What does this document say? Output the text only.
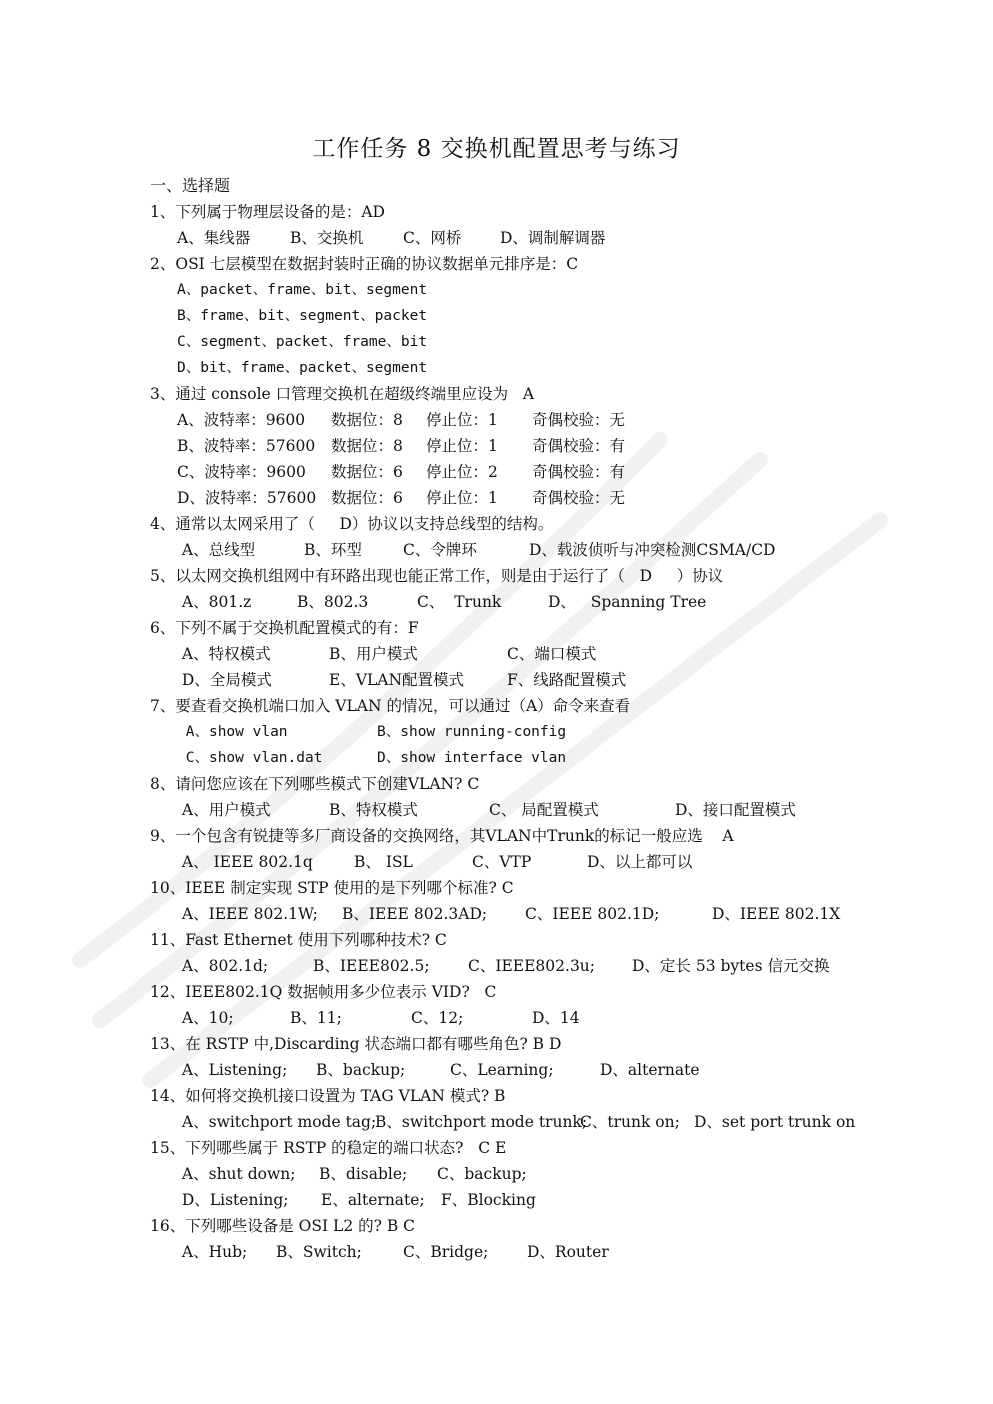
工作任务 8 交换机配置思考与练习
一、选择题
1、下列属于物理层设备的是：AD
A、集线器	B、交换机	C、网桥	D、调制解调器
2、OSI 七层模型在数据封装时正确的协议数据单元排序是：C
A、packet、frame、bit、segment
B、frame、bit、segment、packet
C、segment、packet、frame、bit
D、bit、frame、packet、segment
3、通过 console 口管理交换机在超级终端里应设为   A
A、波特率：9600	数据位：8	停止位：1	奇偶校验：无
B、波特率：57600	数据位：8	停止位：1	奇偶校验：有
C、波特率：9600	数据位：6	停止位：2	奇偶校验：有
D、波特率：57600 数据位：6	停止位：1	奇偶校验：无
4、通常以太网采用了（     D）协议以支持总线型的结构。
A、总线型	B、环型	C、令牌环	D、载波侦听与冲突检测CSMA/CD
5、以太网交换机组网中有环路出现也能正常工作，则是由于运行了（   D     ）协议
A、801.z	B、802.3	C、  Trunk	D、   Spanning Tree
6、下列不属于交换机配置模式的有：F
A、特权模式	B、用户模式	C、端口模式
D、全局模式	E、VLAN配置模式	F、线路配置模式
7、要查看交换机端口加入 VLAN 的情况，可以通过（A）命令来查看
A、show vlan	B、show running-config
C、show vlan.dat	D、show interface vlan
8、请问您应该在下列哪些模式下创建VLAN? C
A、用户模式	B、特权模式	C、 局配置模式	D、接口配置模式
9、一个包含有锐捷等多厂商设备的交换网络，其VLAN中Trunk的标记一般应选    A
A、 IEEE 802.1q	B、 ISL	C、VTP	D、以上都可以
10、IEEE 制定实现 STP 使用的是下列哪个标准? C
A、IEEE 802.1W;	B、IEEE 802.3AD;	C、IEEE 802.1D;	D、IEEE 802.1X
11、Fast Ethernet 使用下列哪种技术? C
A、802.1d;	B、IEEE802.5;	C、IEEE802.3u;	D、定长 53 bytes 信元交换
12、IEEE802.1Q 数据帧用多少位表示 VID?   C
A、10;	B、11;	C、12;	D、14
13、在 RSTP 中,Discarding 状态端口都有哪些角色? B D
A、Listening;	B、backup;	C、Learning;	D、alternate
14、如何将交换机接口设置为 TAG VLAN 模式? B
A、switchport mode tag;
B、switchport mode trunk;
C、trunk on; D、set port trunk on
15、下列哪些属于 RSTP 的稳定的端口状态?   C E
A、shut down;	B、disable;	C、backup;
D、Listening;	E、alternate;	F、Blocking
16、下列哪些设备是 OSI L2 的? B C
A、Hub;	B、Switch;	C、Bridge;	D、Router
